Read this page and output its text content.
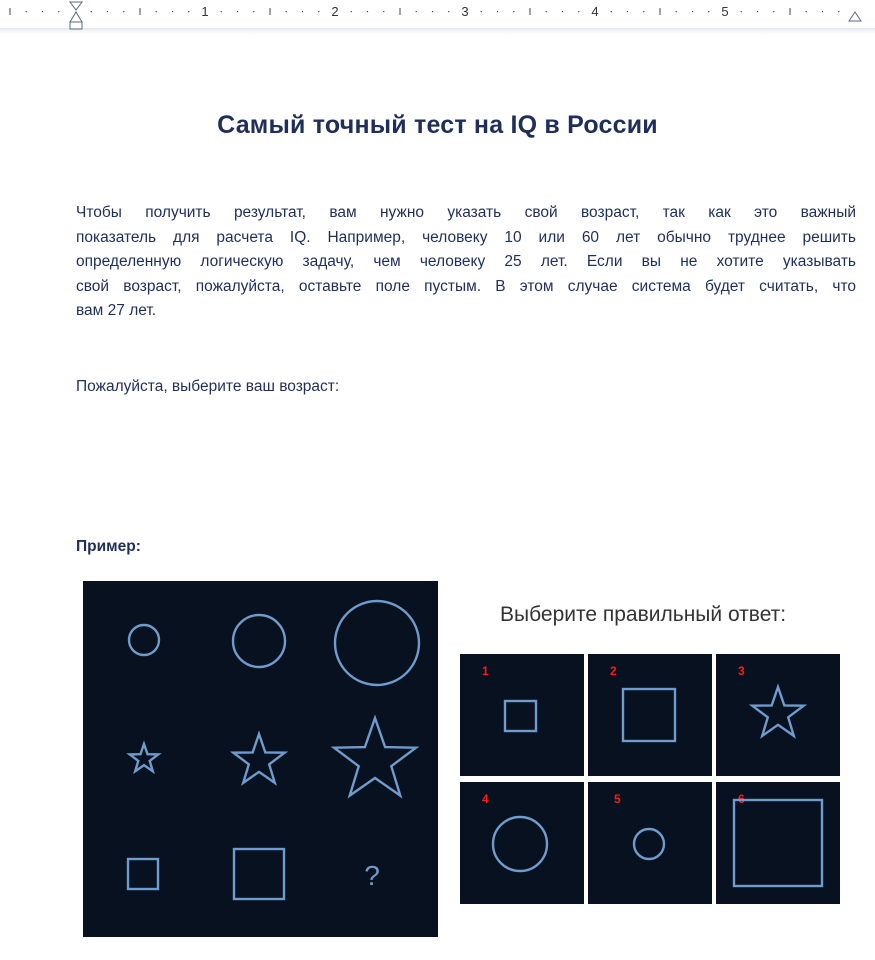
1	2	3	4	5
Самый точный тест на IQ в России

Чтобы получить результат, вам нужно указать свой возраст, так как это важный
показатель для расчета IQ. Например, человеку 10 или 60 лет обычно труднее решить
определенную логическую задачу, чем человеку 25 лет. Если вы не хотите указывать
свой возраст, пожалуйста, оставьте поле пустым. В этом случае система будет считать, что
вам 27 лет.

Пожалуйста, выберите ваш возраст:

Пример:

?

Выберите правильный ответ:

1	2	3
4	5	6
